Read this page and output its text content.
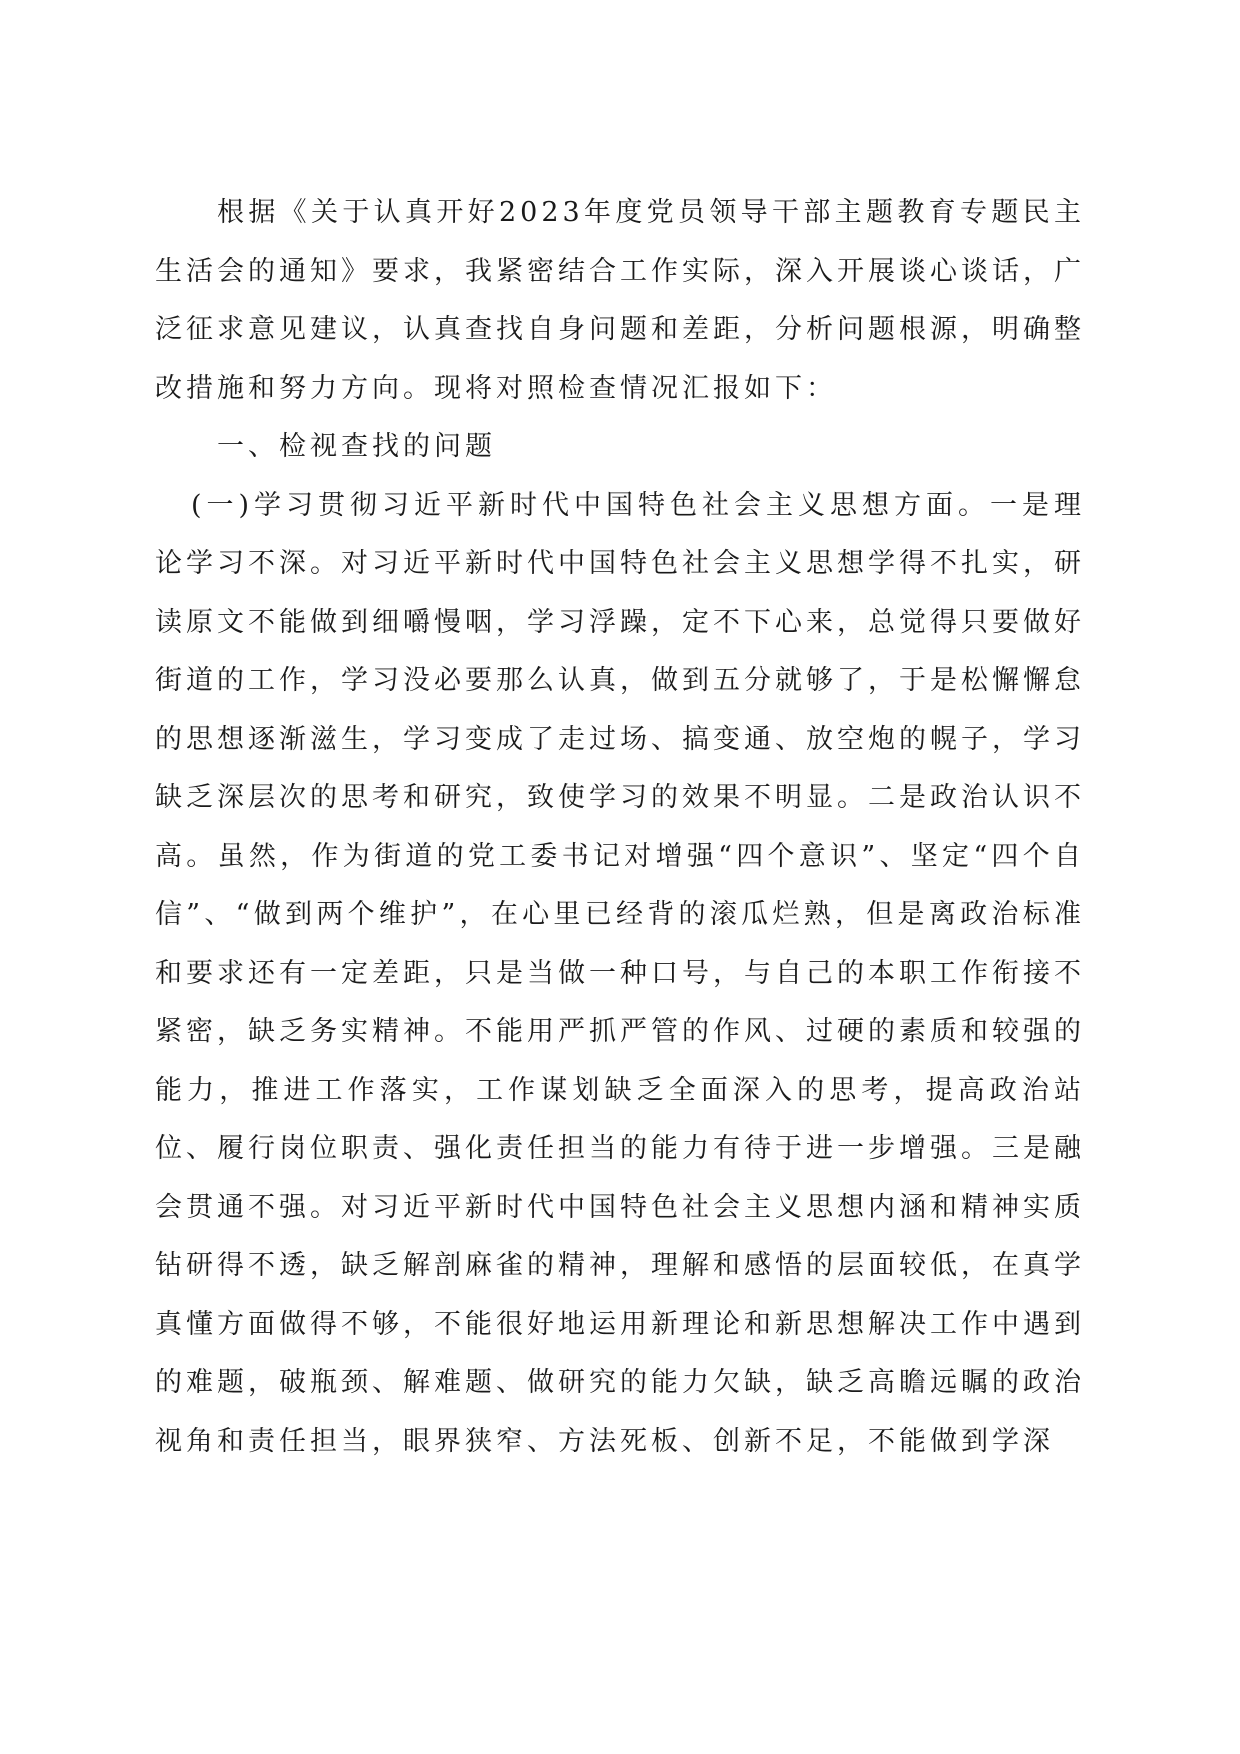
根据《关于认真开好2023年度党员领导干部主题教育专题民主生活会的通知》要求，我紧密结合工作实际，深入开展谈心谈话，广泛征求意见建议，认真查找自身问题和差距，分析问题根源，明确整改措施和努力方向。现将对照检查情况汇报如下：

一、检视查找的问题

(一)学习贯彻习近平新时代中国特色社会主义思想方面。一是理论学习不深。对习近平新时代中国特色社会主义思想学得不扎实，研读原文不能做到细嚼慢咽，学习浮躁，定不下心来，总觉得只要做好街道的工作，学习没必要那么认真，做到五分就够了，于是松懈懈怠的思想逐渐滋生，学习变成了走过场、搞变通、放空炮的幌子，学习缺乏深层次的思考和研究，致使学习的效果不明显。二是政治认识不高。虽然，作为街道的党工委书记对增强“四个意识”、坚定“四个自信”、“做到两个维护”，在心里已经背的滚瓜烂熟，但是离政治标准和要求还有一定差距，只是当做一种口号，与自己的本职工作衔接不紧密，缺乏务实精神。不能用严抓严管的作风、过硬的素质和较强的能力，推进工作落实，工作谋划缺乏全面深入的思考，提高政治站位、履行岗位职责、强化责任担当的能力有待于进一步增强。三是融会贯通不强。对习近平新时代中国特色社会主义思想内涵和精神实质钻研得不透，缺乏解剖麻雀的精神，理解和感悟的层面较低，在真学真懂方面做得不够，不能很好地运用新理论和新思想解决工作中遇到的难题，破瓶颈、解难题、做研究的能力欠缺，缺乏高瞻远瞩的政治视角和责任担当，眼界狭窄、方法死板、创新不足，不能做到学深
